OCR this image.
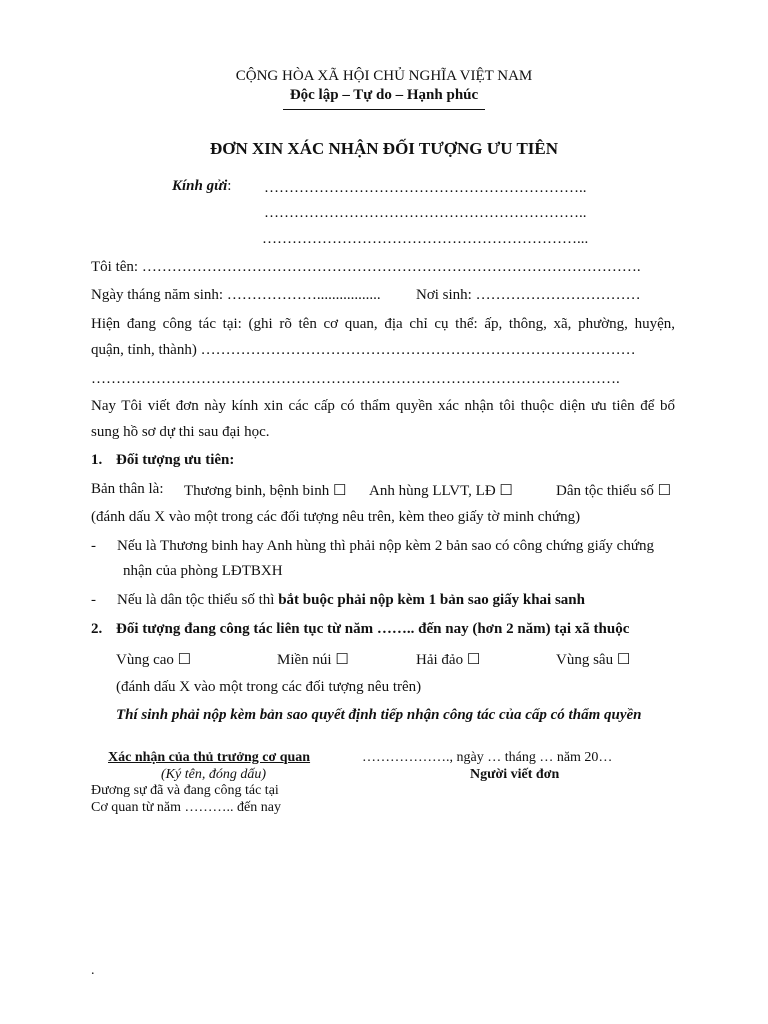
CỘNG HÒA XÃ HỘI CHỦ NGHĨA VIỆT NAM
Độc lập – Tự do – Hạnh phúc
ĐƠN XIN XÁC NHẬN ĐỐI TƯỢNG ƯU TIÊN
Kính gửi: ………………………………………………………..
………………………………………………………..
………………………………………………………...
Tôi tên: ……………………………………………………………………………………….
Ngày tháng năm sinh: ………………................. Nơi sinh: ……………………………
Hiện đang công tác tại: (ghi rõ tên cơ quan, địa chỉ cụ thể: ấp, thông, xã, phường, huyện,
quận, tỉnh, thành) ……………………………………………………………………………
…………………………………………………………………………………………….
Nay Tôi viết đơn này kính xin các cấp có thẩm quyền xác nhận tôi thuộc diện ưu tiên để bổ
sung hồ sơ dự thi sau đại học.
1. Đối tượng ưu tiên:
Bản thân là: Thương binh, bệnh binh ☐ Anh hùng LLVT, LĐ ☐	Dân tộc thiểu số ☐
(đánh dấu X vào một trong các đối tượng nêu trên, kèm theo giấy tờ minh chứng)
- Nếu là Thương binh hay Anh hùng thì phải nộp kèm 2 bản sao có công chứng giấy chứng
nhận của phòng LĐTBXH
- Nếu là dân tộc thiểu số thì bắt buộc phải nộp kèm 1 bản sao giấy khai sanh
2. Đối tượng đang công tác liên tục từ năm …….. đến nay (hơn 2 năm) tại xã thuộc
Vùng cao ☐	Miền núi ☐	Hải đảo ☐	Vùng sâu ☐
(đánh dấu X vào một trong các đối tượng nêu trên)
Thí sinh phải nộp kèm bản sao quyết định tiếp nhận công tác của cấp có thẩm quyền
Xác nhận của thủ trưởng cơ quan	………………., ngày … tháng … năm 20…
(Ký tên, đóng dấu)	Người viết đơn
Đương sự đã và đang công tác tại
Cơ quan từ năm ……….. đến nay
.
